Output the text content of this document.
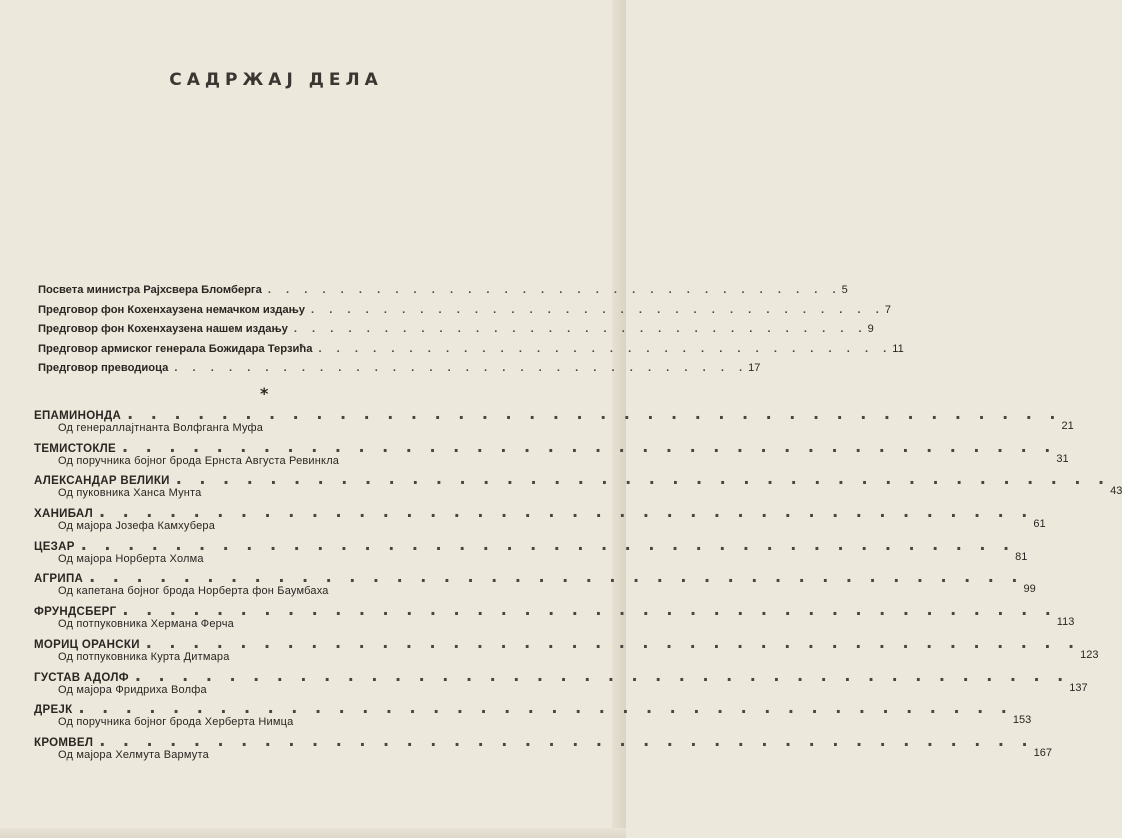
САДРЖАЈ ДЕЛА
Посвета министра Рајхсвера Бломберга . . . . . . . . . . . . . . . . . . . . . . . . . . . . . . . . 5
Предговор фон Кохенхаузена немачком издању . . . . . . . . . . . . . . . . . . . . . . . . . . . . . . . . 7
Предговор фон Кохенхаузена нашем издању . . . . . . . . . . . . . . . . . . . . . . . . . . . . . . . . 9
Предговор армиског генерала Божидара Терзића . . . . . . . . . . . . . . . . . . . . . . . . . . . . . . . . 11
Предговор преводиоца . . . . . . . . . . . . . . . . . . . . . . . . . . . . . . . . 17
*
ЕПАМИНОНДА . . . . . . . . . . . . . . . . . . . . . . . . . . . . . . . . . . . . . . . .
21
Од генераллајтнанта Волфганга Муфа
ТЕМИСТОКЛЕ . . . . . . . . . . . . . . . . . . . . . . . . . . . . . . . . . . . . . . . .
31
Од поручника бојног брода Ернста Августа Ревинкла
АЛЕКСАНДАР ВЕЛИКИ . . . . . . . . . . . . . . . . . . . . . . . . . . . . . . . . . . . . . . . .
43
Од пуковника Ханса Мунта
ХАНИБАЛ . . . . . . . . . . . . . . . . . . . . . . . . . . . . . . . . . . . . . . . .
61
Од мајора Јозефа Камхубера
ЦЕЗАР . . . . . . . . . . . . . . . . . . . . . . . . . . . . . . . . . . . . . . . .
81
Од мајора Норберта Холма
АГРИПА . . . . . . . . . . . . . . . . . . . . . . . . . . . . . . . . . . . . . . . .
99
Од капетана бојног брода Норберта фон Баумбаха
ФРУНДСБЕРГ . . . . . . . . . . . . . . . . . . . . . . . . . . . . . . . . . . . . . . . .
113
Од потпуковника Хермана Ферча
МОРИЦ ОРАНСКИ . . . . . . . . . . . . . . . . . . . . . . . . . . . . . . . . . . . . . . . .
123
Од потпуковника Курта Дитмара
ГУСТАВ АДОЛФ . . . . . . . . . . . . . . . . . . . . . . . . . . . . . . . . . . . . . . . .
137
Од мајора Фридриха Волфа
ДРЕЈК . . . . . . . . . . . . . . . . . . . . . . . . . . . . . . . . . . . . . . . .
153
Од поручника бојног брода Херберта Нимца
КРОМВЕЛ . . . . . . . . . . . . . . . . . . . . . . . . . . . . . . . . . . . . . . . .
167
Од мајора Хелмута Вармута
